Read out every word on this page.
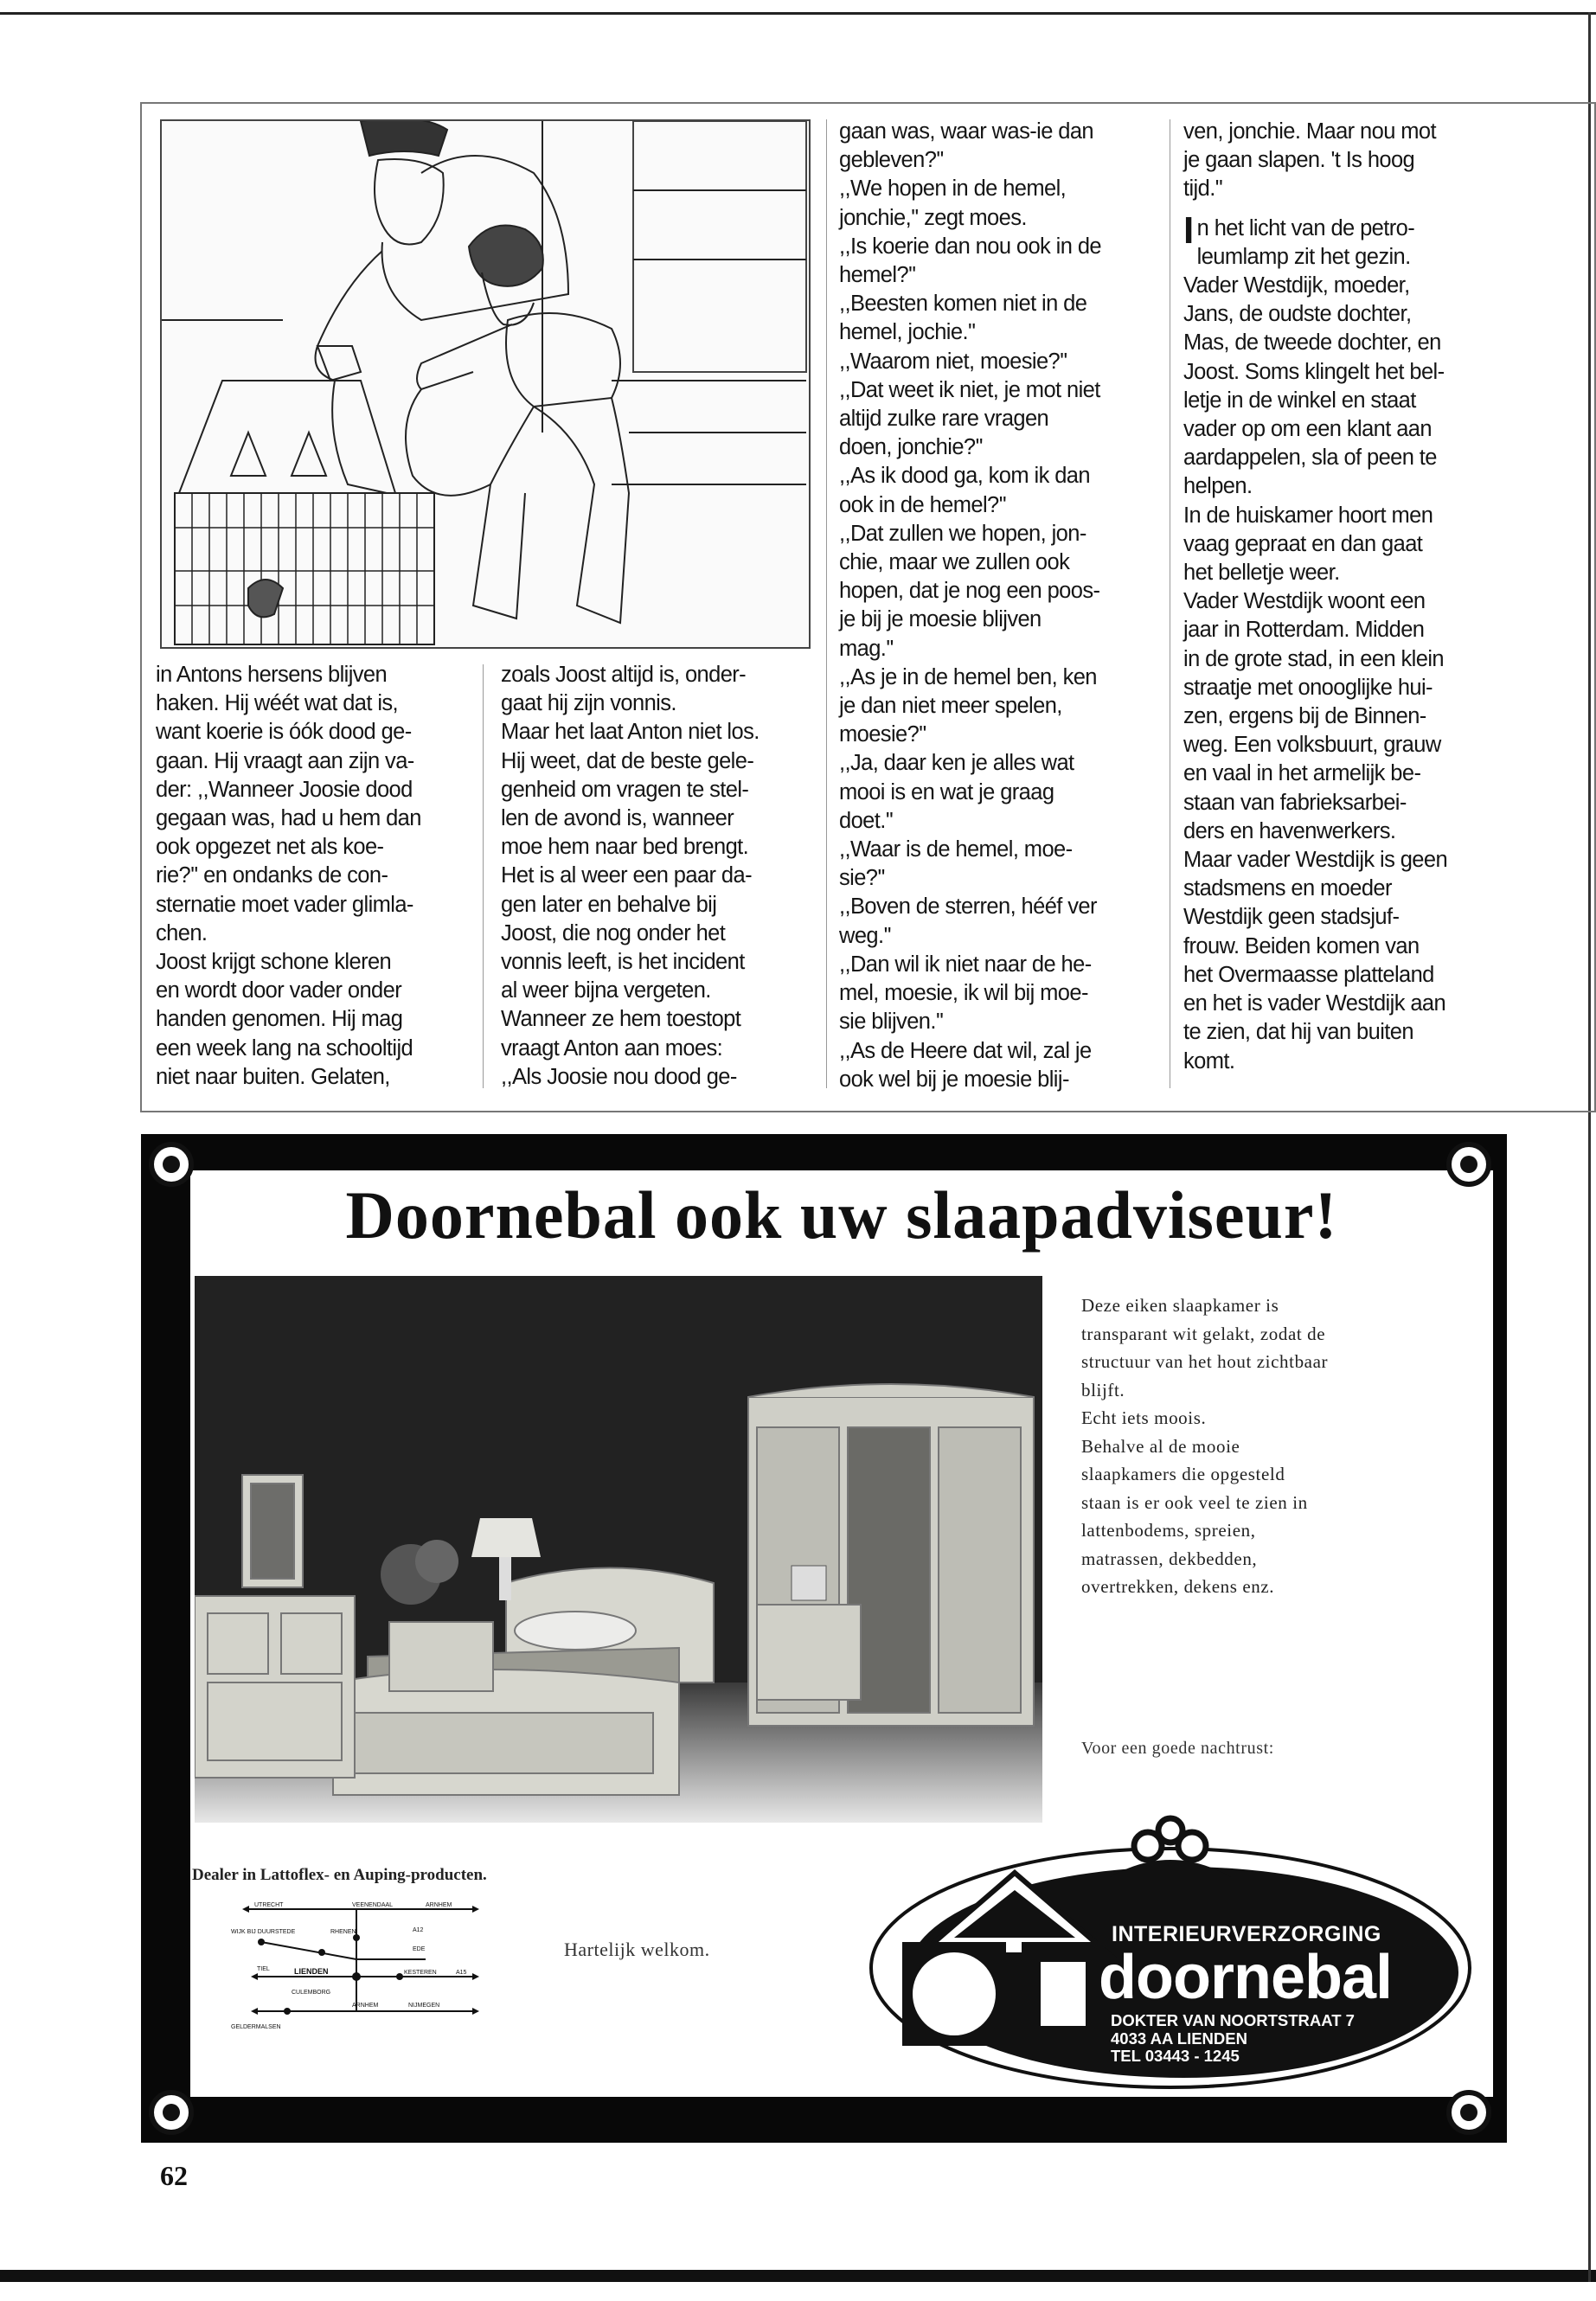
in Antons hersens blijven

haken. Hij wéét wat dat is,

want koerie is óók dood ge-

gaan. Hij vraagt aan zijn va-

der: ,,Wanneer Joosie dood

gegaan was, had u hem dan

ook opgezet net als koe-

rie?'' en ondanks de con-

sternatie moet vader glimla-

chen.

Joost krijgt schone kleren

en wordt door vader onder

handen genomen. Hij mag

een week lang na schooltijd

niet naar buiten. Gelaten,

zoals Joost altijd is, onder-

gaat hij zijn vonnis.

Maar het laat Anton niet los.

Hij weet, dat de beste gele-

genheid om vragen te stel-

len de avond is, wanneer

moe hem naar bed brengt.

Het is al weer een paar da-

gen later en behalve bij

Joost, die nog onder het

vonnis leeft, is het incident

al weer bijna vergeten.

Wanneer ze hem toestopt

vraagt Anton aan moes:

,,Als Joosie nou dood ge-

gaan was, waar was-ie dan

gebleven?''

,,We hopen in de hemel,

jonchie,'' zegt moes.

,,Is koerie dan nou ook in de

hemel?''

,,Beesten komen niet in de

hemel, jochie.''

,,Waarom niet, moesie?''

,,Dat weet ik niet, je mot niet

altijd zulke rare vragen

doen, jonchie?''

,,As ik dood ga, kom ik dan

ook in de hemel?''

,,Dat zullen we hopen, jon-

chie, maar we zullen ook

hopen, dat je nog een poos-

je bij je moesie blijven

mag.''

,,As je in de hemel ben, ken

je dan niet meer spelen,

moesie?''

,,Ja, daar ken je alles wat

mooi is en wat je graag

doet.''

,,Waar is de hemel, moe-

sie?''

,,Boven de sterren, hééf ver

weg.''

,,Dan wil ik niet naar de he-

mel, moesie, ik wil bij moe-

sie blijven.''

,,As de Heere dat wil, zal je

ook wel bij je moesie blij-

ven, jonchie. Maar nou mot

je gaan slapen. 't Is hoog

tijd.''

In het licht van de petro-

leumlamp zit het gezin.

Vader Westdijk, moeder,

Jans, de oudste dochter,

Mas, de tweede dochter, en

Joost. Soms klingelt het bel-

letje in de winkel en staat

vader op om een klant aan

aardappelen, sla of peen te

helpen.

In de huiskamer hoort men

vaag gepraat en dan gaat

het belletje weer.

Vader Westdijk woont een

jaar in Rotterdam. Midden

in de grote stad, in een klein

straatje met onooglijke hui-

zen, ergens bij de Binnen-

weg. Een volksbuurt, grauw

en vaal in het armelijk be-

staan van fabrieksarbei-

ders en havenwerkers.

Maar vader Westdijk is geen

stadsmens en moeder

Westdijk geen stadsjuf-

frouw. Beiden komen van

het Overmaasse platteland

en het is vader Westdijk aan

te zien, dat hij van buiten

komt.

Doornebal ook uw slaapadviseur!

Deze eiken slaapkamer is

transparant wit gelakt, zodat de

structuur van het hout zichtbaar

blijft.

Echt iets moois.

Behalve al de mooie

slaapkamers die opgesteld

staan is er ook veel te zien in

lattenbodems, spreien,

matrassen, dekbedden,

overtrekken, dekens enz.

Voor een goede nachtrust:
Dealer in Lattoflex- en Auping-producten.
Hartelijk welkom.
UTRECHT	VEENENDAAL	ARNHEM
RHENEN	A12
WIJK BIJ DUURSTEDE
TIEL
EDE
LIENDEN	KESTEREN	A15
ARNHEM	NIJMEGEN
CULEMBORG
GELDERMALSEN
Maakt het Wonen Gezelliger!
VRIJDAG KOOPAVOND - DINSDAGMIDDAG GESLOTEN
INTERIEURVERZORGING
doornebal
DOKTER VAN NOORTSTRAAT 7
4033 AA LIENDEN
TEL 03443 - 1245
62
